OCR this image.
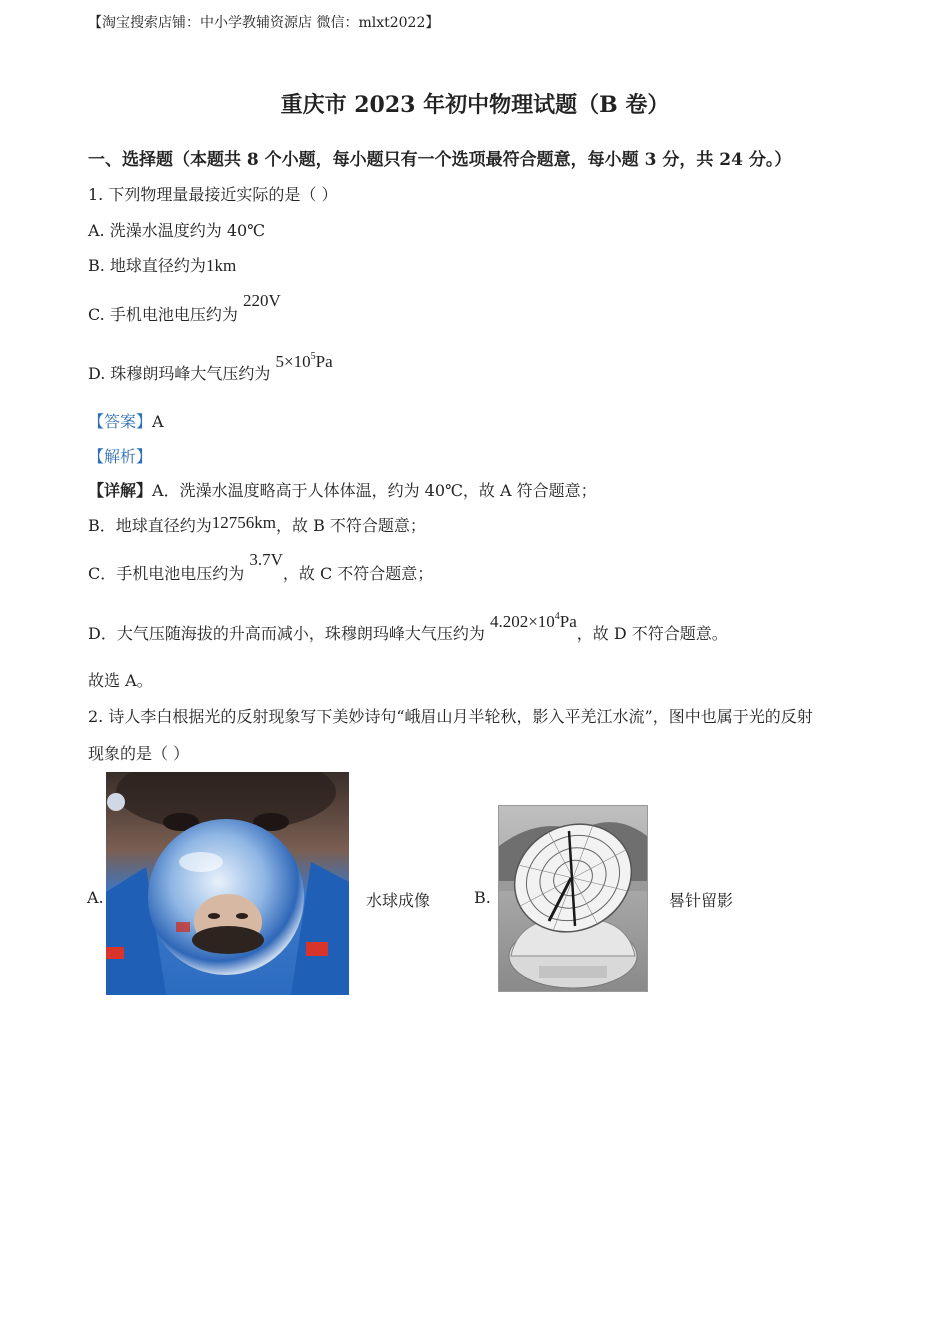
【淘宝搜索店铺：中小学教辅资源店 微信：mlxt2022】
重庆市 2023 年初中物理试题（B 卷）
一、选择题（本题共 8 个小题，每小题只有一个选项最符合题意，每小题 3 分，共 24 分。）
1. 下列物理量最接近实际的是（ ）
A. 洗澡水温度约为 40℃
B. 地球直径约为1km
C. 手机电池电压约为 220V
D. 珠穆朗玛峰大气压约为 $5\times 10^5Pa$
【答案】A
【解析】
【详解】A．洗澡水温度略高于人体体温，约为 40℃，故 A 符合题意；
B．地球直径约为12756km，故 B 不符合题意；
C．手机电池电压约为 3.7V，故 C 不符合题意；
D．大气压随海拔的升高而减小，珠穆朗玛峰大气压约为 $4.202\times 10^4Pa$，故 D 不符合题意。
故选 A。
2. 诗人李白根据光的反射现象写下美妙诗句“峨眉山月半轮秋，影入平羌江水流”，图中也属于光的反射
现象的是（ ）
A.	水球成像	B.	晷针留影
